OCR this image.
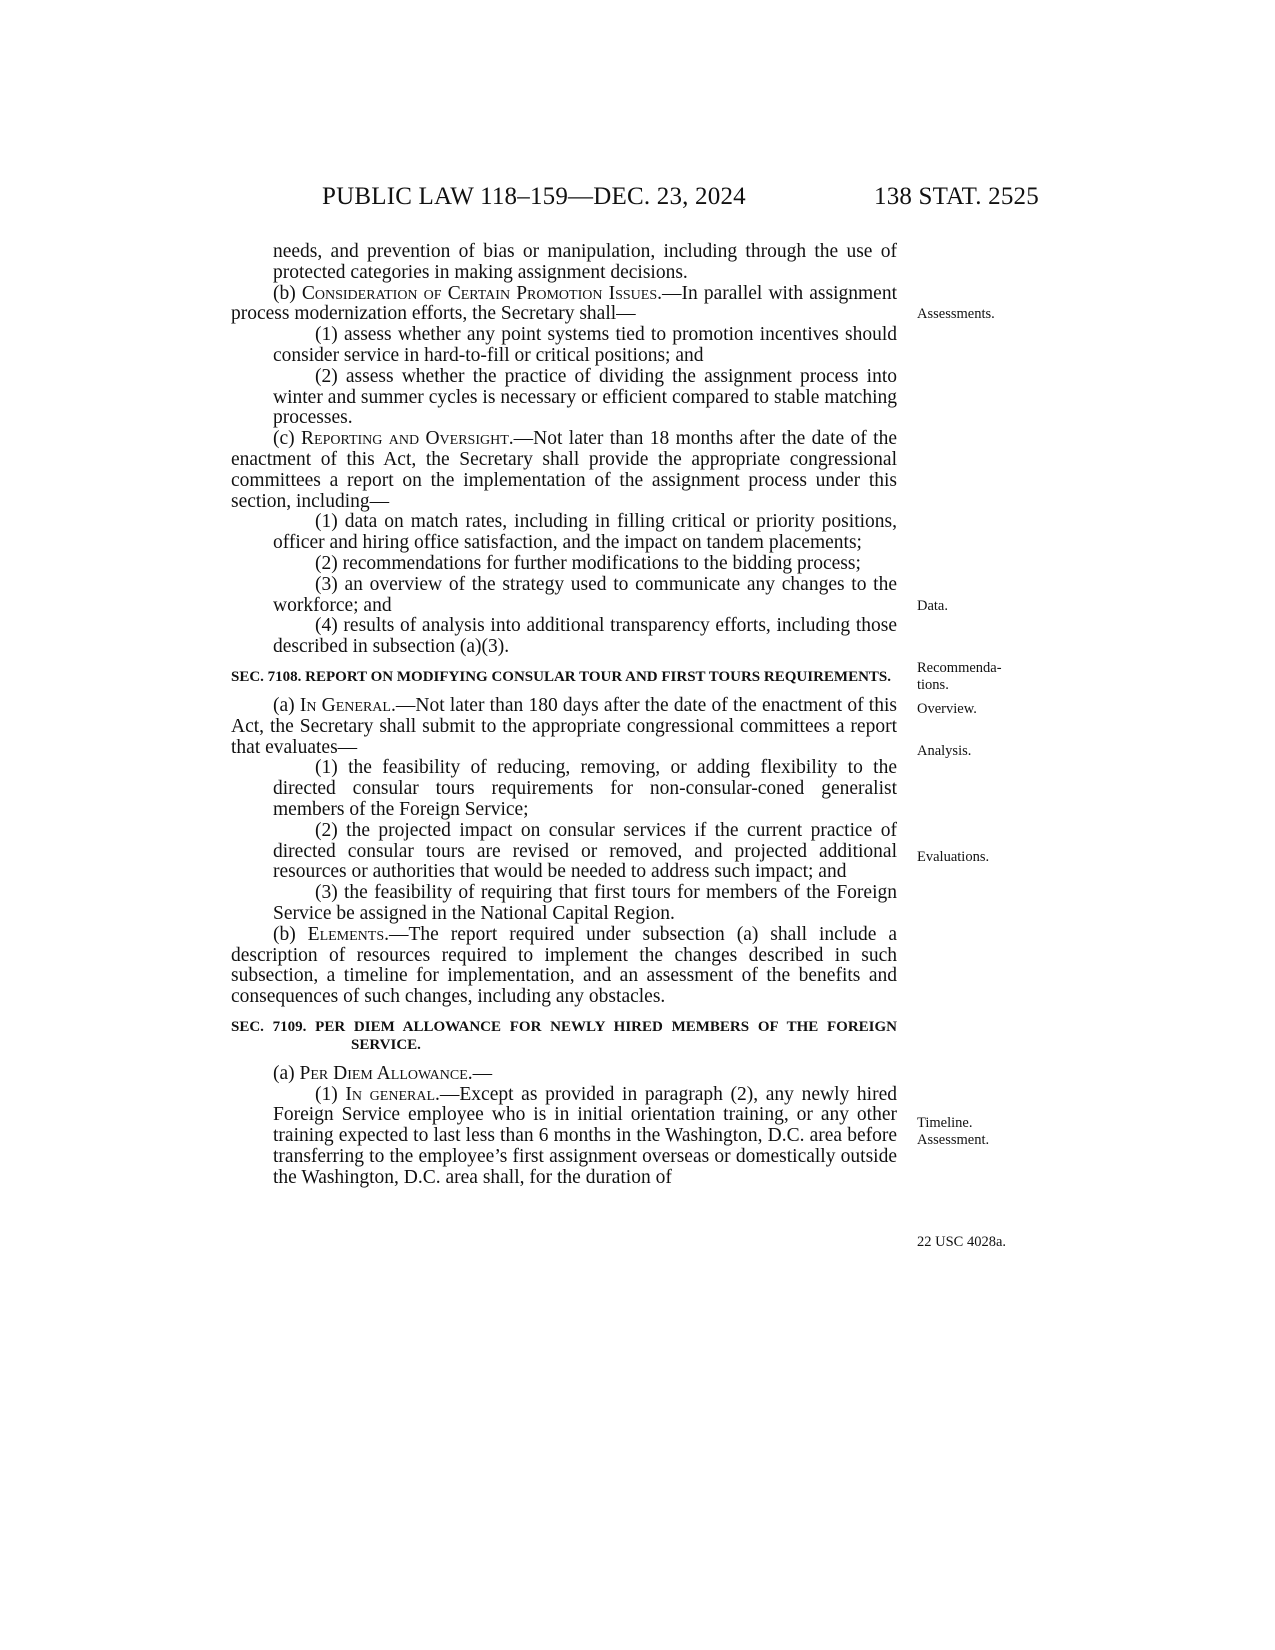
PUBLIC LAW 118–159—DEC. 23, 2024	138 STAT. 2525

needs, and prevention of bias or manipulation, including through the use of protected categories in making assignment decisions.

(b) Consideration of Certain Promotion Issues.—In parallel with assignment process modernization efforts, the Secretary shall—

(1) assess whether any point systems tied to promotion incentives should consider service in hard-to-fill or critical positions; and

(2) assess whether the practice of dividing the assignment process into winter and summer cycles is necessary or efficient compared to stable matching processes.

(c) Reporting and Oversight.—Not later than 18 months after the date of the enactment of this Act, the Secretary shall provide the appropriate congressional committees a report on the implementation of the assignment process under this section, including—

(1) data on match rates, including in filling critical or priority positions, officer and hiring office satisfaction, and the impact on tandem placements;

(2) recommendations for further modifications to the bidding process;

(3) an overview of the strategy used to communicate any changes to the workforce; and

(4) results of analysis into additional transparency efforts, including those described in subsection (a)(3).

SEC. 7108. REPORT ON MODIFYING CONSULAR TOUR AND FIRST TOURS REQUIREMENTS.

(a) In General.—Not later than 180 days after the date of the enactment of this Act, the Secretary shall submit to the appropriate congressional committees a report that evaluates—

(1) the feasibility of reducing, removing, or adding flexibility to the directed consular tours requirements for non-consular-coned generalist members of the Foreign Service;

(2) the projected impact on consular services if the current practice of directed consular tours are revised or removed, and projected additional resources or authorities that would be needed to address such impact; and

(3) the feasibility of requiring that first tours for members of the Foreign Service be assigned in the National Capital Region.

(b) Elements.—The report required under subsection (a) shall include a description of resources required to implement the changes described in such subsection, a timeline for implementation, and an assessment of the benefits and consequences of such changes, including any obstacles.

SEC. 7109. PER DIEM ALLOWANCE FOR NEWLY HIRED MEMBERS OF THE FOREIGN SERVICE.

(a) Per Diem Allowance.—

(1) In general.—Except as provided in paragraph (2), any newly hired Foreign Service employee who is in initial orientation training, or any other training expected to last less than 6 months in the Washington, D.C. area before transferring to the employee’s first assignment overseas or domestically outside the Washington, D.C. area shall, for the duration of

Assessments.
Data.
Recommenda-
tions.
Overview.
Analysis.
Evaluations.
Timeline.
Assessment.
22 USC 4028a.
